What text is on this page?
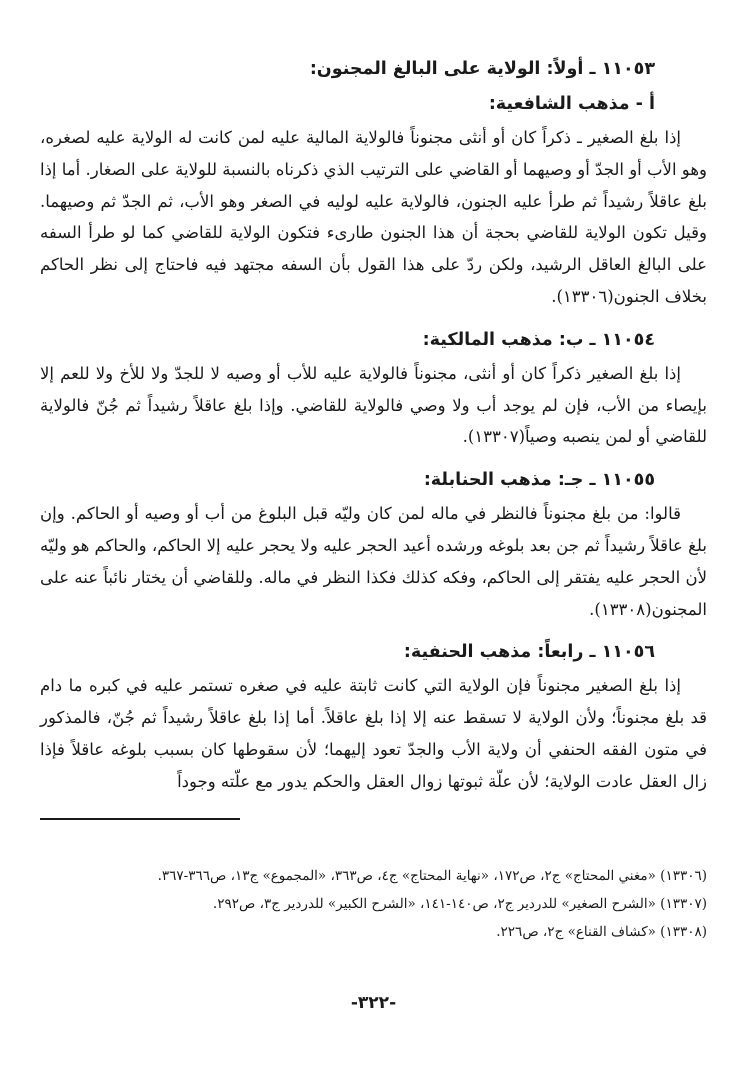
١١٠٥٣ ـ أولاً: الولاية على البالغ المجنون:
أ - مذهب الشافعية:

إذا بلغ الصغير ـ ذكراً كان أو أنثى مجنوناً فالولاية المالية عليه لمن كانت له الولاية عليه لصغره، وهو الأب أو الجدّ أو وصيهما أو القاضي على الترتيب الذي ذكرناه بالنسبة للولاية على الصغار. أما إذا بلغ عاقلاً رشيداً ثم طرأ عليه الجنون، فالولاية عليه لوليه في الصغر وهو الأب، ثم الجدّ ثم وصيهما. وقيل تكون الولاية للقاضي بحجة أن هذا الجنون طارىء فتكون الولاية للقاضي كما لو طرأ السفه على البالغ العاقل الرشيد، ولكن ردّ على هذا القول بأن السفه مجتهد فيه فاحتاج إلى نظر الحاكم بخلاف الجنون(١٣٣٠٦).

١١٠٥٤ ـ ب: مذهب المالكية:

إذا بلغ الصغير ذكراً كان أو أنثى، مجنوناً فالولاية عليه للأب أو وصيه لا للجدّ ولا للأخ ولا للعم إلا بإيصاء من الأب، فإن لم يوجد أب ولا وصي فالولاية للقاضي. وإذا بلغ عاقلاً رشيداً ثم جُنّ فالولاية للقاضي أو لمن ينصبه وصياً(١٣٣٠٧).

١١٠٥٥ ـ جـ: مذهب الحنابلة:

قالوا: من بلغ مجنوناً فالنظر في ماله لمن كان وليّه قبل البلوغ من أب أو وصيه أو الحاكم. وإن بلغ عاقلاً رشيداً ثم جن بعد بلوغه ورشده أعيد الحجر عليه ولا يحجر عليه إلا الحاكم، والحاكم هو وليّه لأن الحجر عليه يفتقر إلى الحاكم، وفكه كذلك فكذا النظر في ماله. وللقاضي أن يختار نائباً عنه على المجنون(١٣٣٠٨).

١١٠٥٦ ـ رابعاً: مذهب الحنفية:

إذا بلغ الصغير مجنوناً فإن الولاية التي كانت ثابتة عليه في صغره تستمر عليه في كبره ما دام قد بلغ مجنوناً؛ ولأن الولاية لا تسقط عنه إلا إذا بلغ عاقلاً. أما إذا بلغ عاقلاً رشيداً ثم جُنّ، فالمذكور في متون الفقه الحنفي أن ولاية الأب والجدّ تعود إليهما؛ لأن سقوطها كان بسبب بلوغه عاقلاً فإذا زال العقل عادت الولاية؛ لأن علّة ثبوتها زوال العقل والحكم يدور مع علّته وجوداً

(١٣٣٠٦) «مغني المحتاج» ج٢، ص١٧٢، «نهاية المحتاج» ج٤، ص٣٦٣، «المجموع» ج١٣، ص٣٦٦-٣٦٧.

(١٣٣٠٧) «الشرح الصغير» للدردير ج٢، ص١٤٠-١٤١، «الشرح الكبير» للدردير ج٣، ص٢٩٢.

(١٣٣٠٨) «كشاف القناع» ج٢، ص٢٢٦.

-٣٢٢-
